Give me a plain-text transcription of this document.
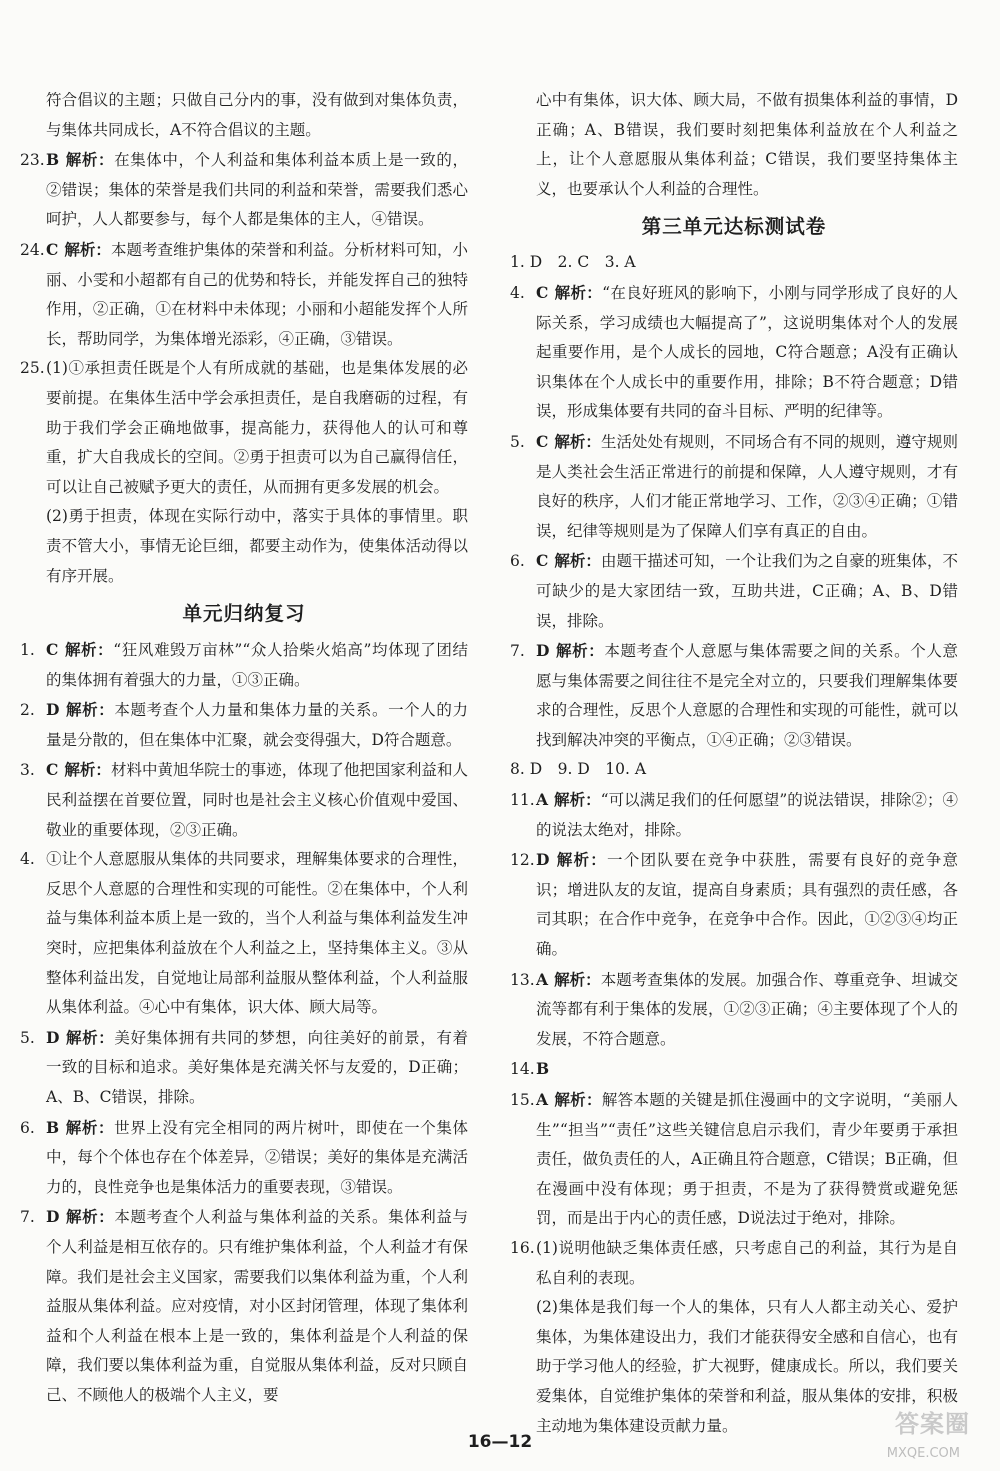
符合倡议的主题；只做自己分内的事，没有做到对集体负责，与集体共同成长，A不符合倡议的主题。

23.B 解析：在集体中，个人利益和集体利益本质上是一致的，②错误；集体的荣誉是我们共同的利益和荣誉，需要我们悉心呵护，人人都要参与，每个人都是集体的主人，④错误。

24.C 解析：本题考查维护集体的荣誉和利益。分析材料可知，小丽、小雯和小超都有自己的优势和特长，并能发挥自己的独特作用，②正确，①在材料中未体现；小丽和小超能发挥个人所长，帮助同学，为集体增光添彩，④正确，③错误。

25.(1)①承担责任既是个人有所成就的基础，也是集体发展的必要前提。在集体生活中学会承担责任，是自我磨砺的过程，有助于我们学会正确地做事，提高能力，获得他人的认可和尊重，扩大自我成长的空间。②勇于担责可以为自己赢得信任，可以让自己被赋予更大的责任，从而拥有更多发展的机会。

(2)勇于担责，体现在实际行动中，落实于具体的事情里。职责不管大小，事情无论巨细，都要主动作为，使集体活动得以有序开展。

单元归纳复习

1. C 解析：“狂风难毁万亩林”“众人拾柴火焰高”均体现了团结的集体拥有着强大的力量，①③正确。

2. D 解析：本题考查个人力量和集体力量的关系。一个人的力量是分散的，但在集体中汇聚，就会变得强大，D符合题意。

3. C 解析：材料中黄旭华院士的事迹，体现了他把国家利益和人民利益摆在首要位置，同时也是社会主义核心价值观中爱国、敬业的重要体现，②③正确。

4. ①让个人意愿服从集体的共同要求，理解集体要求的合理性，反思个人意愿的合理性和实现的可能性。②在集体中，个人利益与集体利益本质上是一致的，当个人利益与集体利益发生冲突时，应把集体利益放在个人利益之上，坚持集体主义。③从整体利益出发，自觉地让局部利益服从整体利益，个人利益服从集体利益。④心中有集体，识大体、顾大局等。

5. D 解析：美好集体拥有共同的梦想，向往美好的前景，有着一致的目标和追求。美好集体是充满关怀与友爱的，D正确；A、B、C错误，排除。

6. B 解析：世界上没有完全相同的两片树叶，即使在一个集体中，每个个体也存在个体差异，②错误；美好的集体是充满活力的，良性竞争也是集体活力的重要表现，③错误。

7. D 解析：本题考查个人利益与集体利益的关系。集体利益与个人利益是相互依存的。只有维护集体利益，个人利益才有保障。我们是社会主义国家，需要我们以集体利益为重，个人利益服从集体利益。应对疫情，对小区封闭管理，体现了集体利益和个人利益在根本上是一致的，集体利益是个人利益的保障，我们要以集体利益为重，自觉服从集体利益，反对只顾自己、不顾他人的极端个人主义，要

心中有集体，识大体、顾大局，不做有损集体利益的事情，D正确；A、B错误，我们要时刻把集体利益放在个人利益之上，让个人意愿服从集体利益；C错误，我们要坚持集体主义，也要承认个人利益的合理性。

第三单元达标测试卷

1. D　2. C　3. A

4. C 解析：“在良好班风的影响下，小刚与同学形成了良好的人际关系，学习成绩也大幅提高了”，这说明集体对个人的发展起重要作用，是个人成长的园地，C符合题意；A没有正确认识集体在个人成长中的重要作用，排除；B不符合题意；D错误，形成集体要有共同的奋斗目标、严明的纪律等。

5. C 解析：生活处处有规则，不同场合有不同的规则，遵守规则是人类社会生活正常进行的前提和保障，人人遵守规则，才有良好的秩序，人们才能正常地学习、工作，②③④正确；①错误，纪律等规则是为了保障人们享有真正的自由。

6. C 解析：由题干描述可知，一个让我们为之自豪的班集体，不可缺少的是大家团结一致，互助共进，C正确；A、B、D错误，排除。

7. D 解析：本题考查个人意愿与集体需要之间的关系。个人意愿与集体需要之间往往不是完全对立的，只要我们理解集体要求的合理性，反思个人意愿的合理性和实现的可能性，就可以找到解决冲突的平衡点，①④正确；②③错误。

8. D　9. D　10. A

11.A 解析：“可以满足我们的任何愿望”的说法错误，排除②；④的说法太绝对，排除。

12.D 解析：一个团队要在竞争中获胜，需要有良好的竞争意识；增进队友的友谊，提高自身素质；具有强烈的责任感，各司其职；在合作中竞争，在竞争中合作。因此，①②③④均正确。

13.A 解析：本题考查集体的发展。加强合作、尊重竞争、坦诚交流等都有利于集体的发展，①②③正确；④主要体现了个人的发展，不符合题意。

14.B

15.A 解析：解答本题的关键是抓住漫画中的文字说明，“美丽人生”“担当”“责任”这些关键信息启示我们，青少年要勇于承担责任，做负责任的人，A正确且符合题意，C错误；B正确，但在漫画中没有体现；勇于担责，不是为了获得赞赏或避免惩罚，而是出于内心的责任感，D说法过于绝对，排除。

16.(1)说明他缺乏集体责任感，只考虑自己的利益，其行为是自私自利的表现。

(2)集体是我们每一个人的集体，只有人人都主动关心、爱护集体，为集体建设出力，我们才能获得安全感和自信心，也有助于学习他人的经验，扩大视野，健康成长。所以，我们要关爱集体，自觉维护集体的荣誉和利益，服从集体的安排，积极主动地为集体建设贡献力量。

16—12
答案圈
MXQE.COM
